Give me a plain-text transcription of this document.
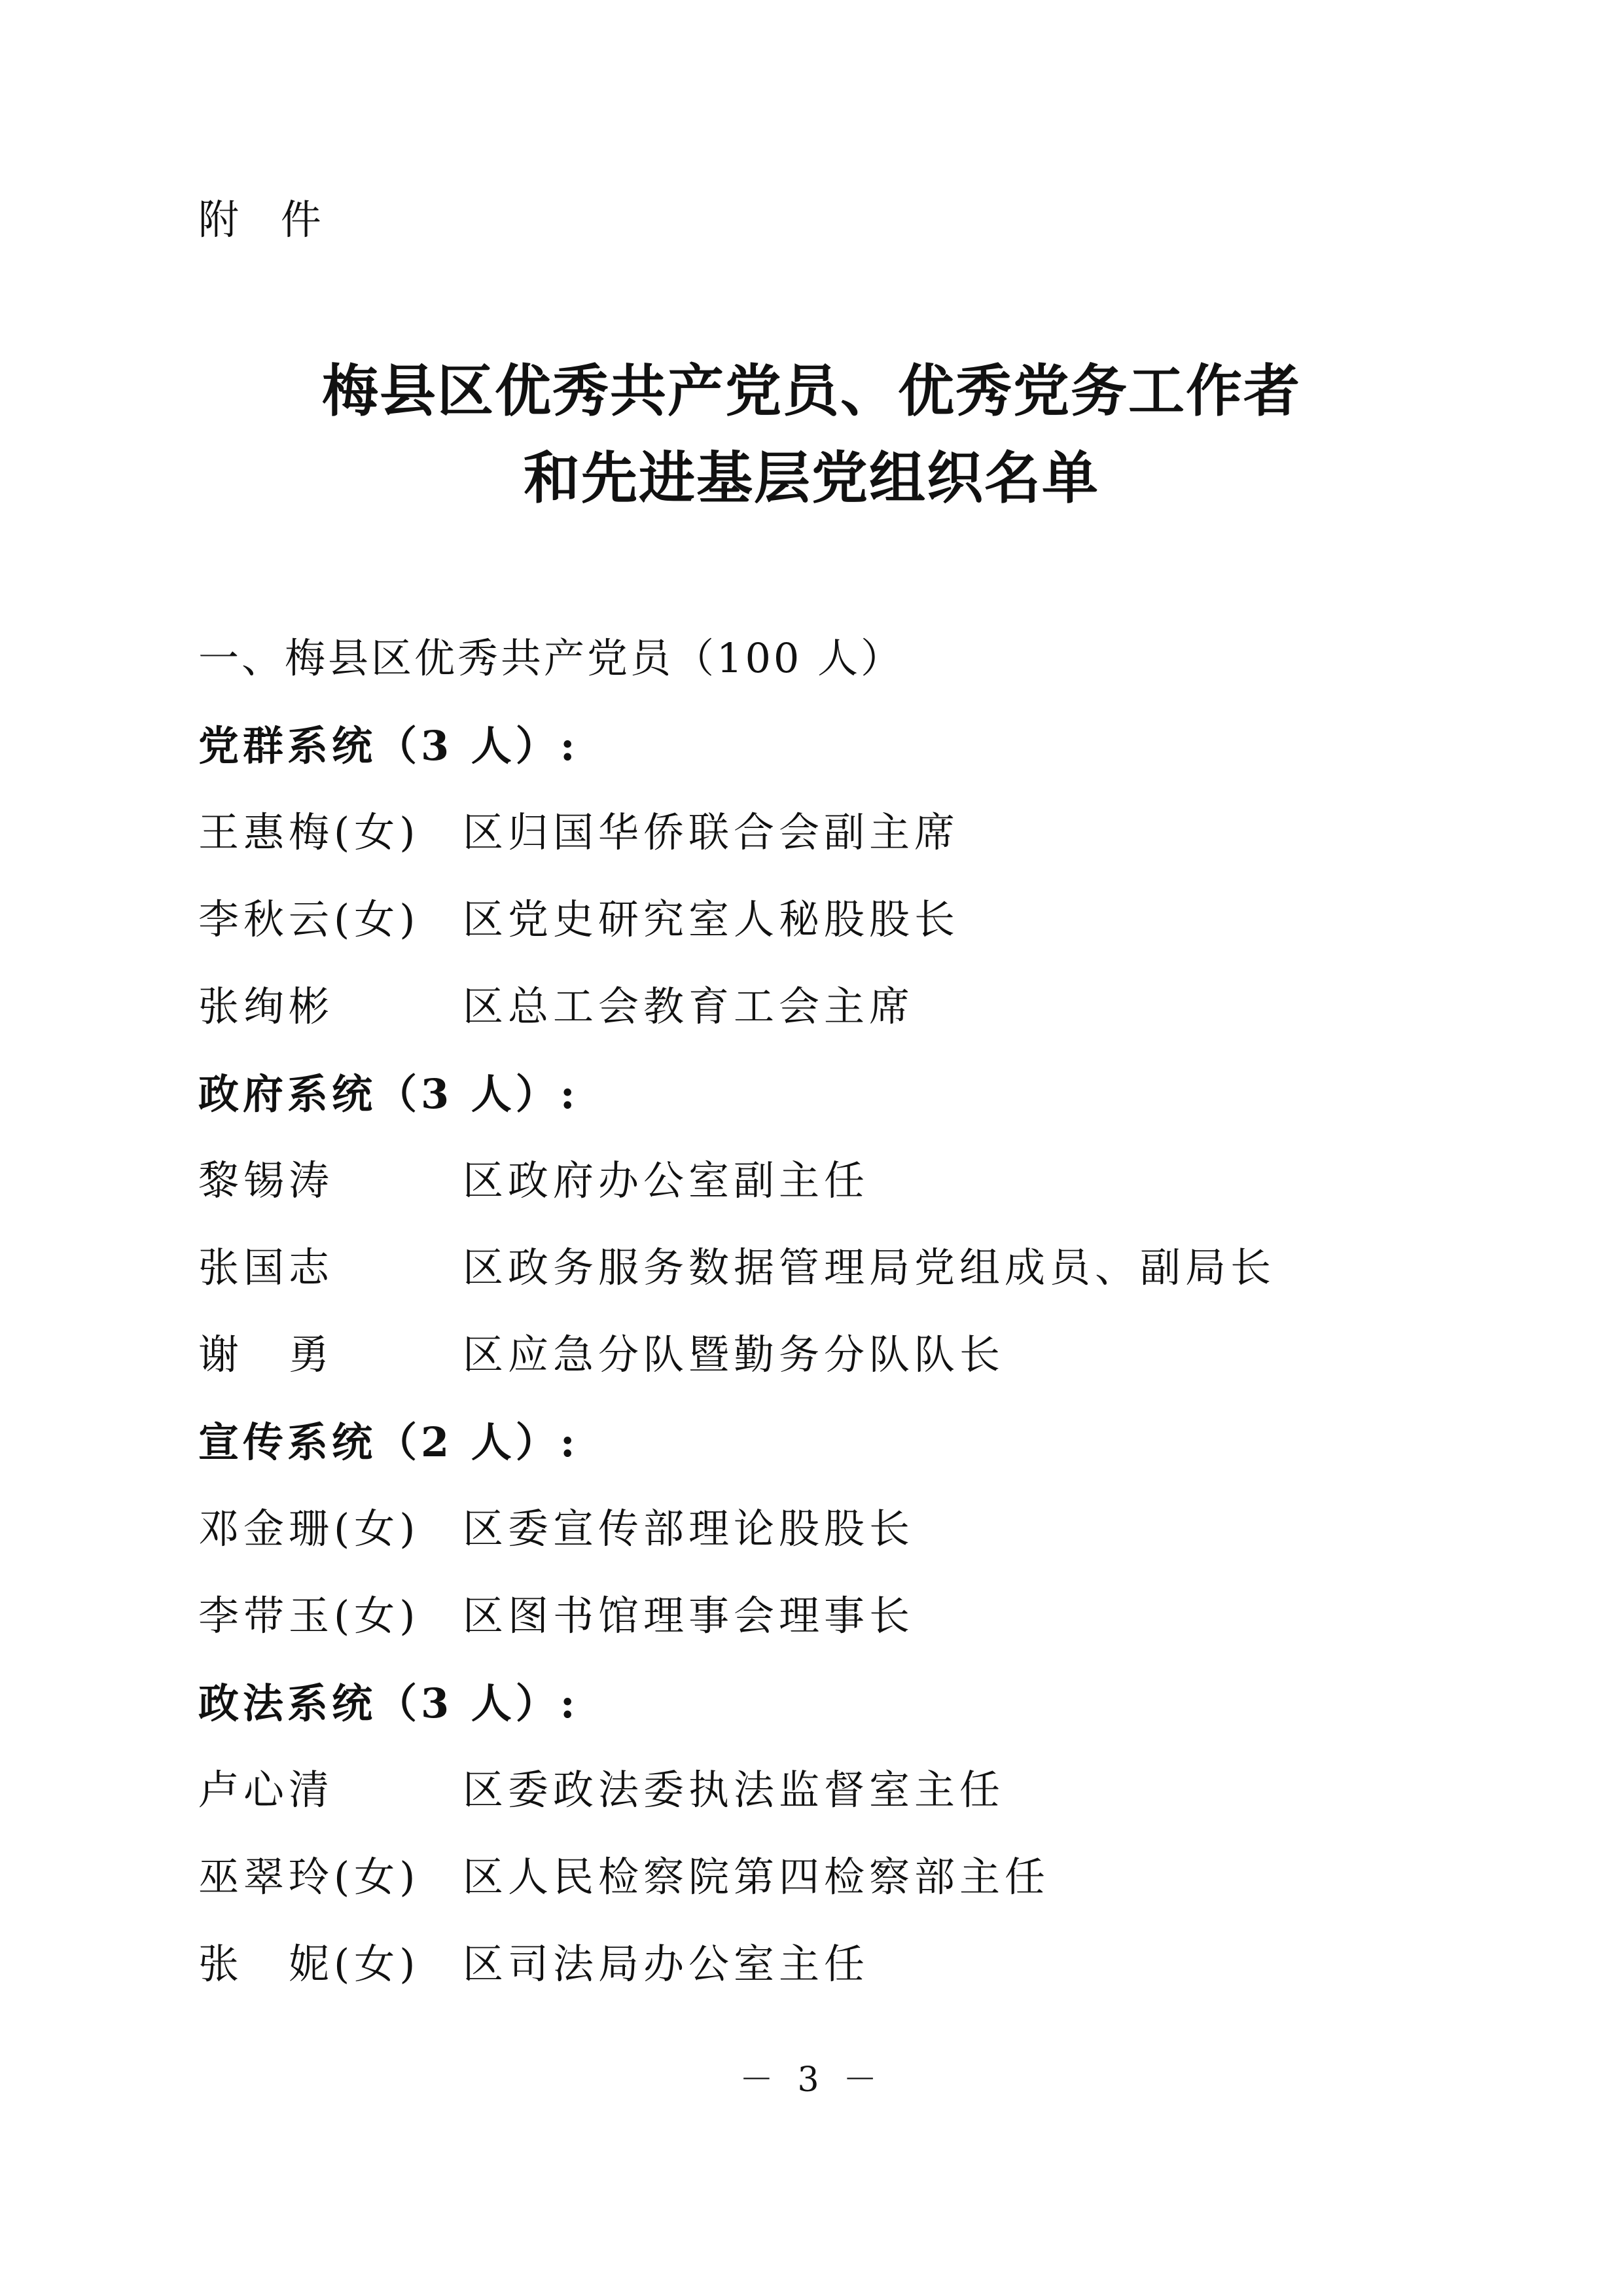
附 件
梅县区优秀共产党员、优秀党务工作者
和先进基层党组织名单
一、梅县区优秀共产党员（100 人）
党群系统（3 人）:
王惠梅(女) 区归国华侨联合会副主席
李秋云(女) 区党史研究室人秘股股长
张绚彬	区总工会教育工会主席
政府系统（3 人）:
黎锡涛	区政府办公室副主任
张国志	区政务服务数据管理局党组成员、副局长
谢　勇	区应急分队暨勤务分队队长
宣传系统（2 人）:
邓金珊(女) 区委宣传部理论股股长
李带玉(女) 区图书馆理事会理事长
政法系统（3 人）:
卢心清	区委政法委执法监督室主任
巫翠玲(女) 区人民检察院第四检察部主任
张　妮(女) 区司法局办公室主任
－ 3 －
